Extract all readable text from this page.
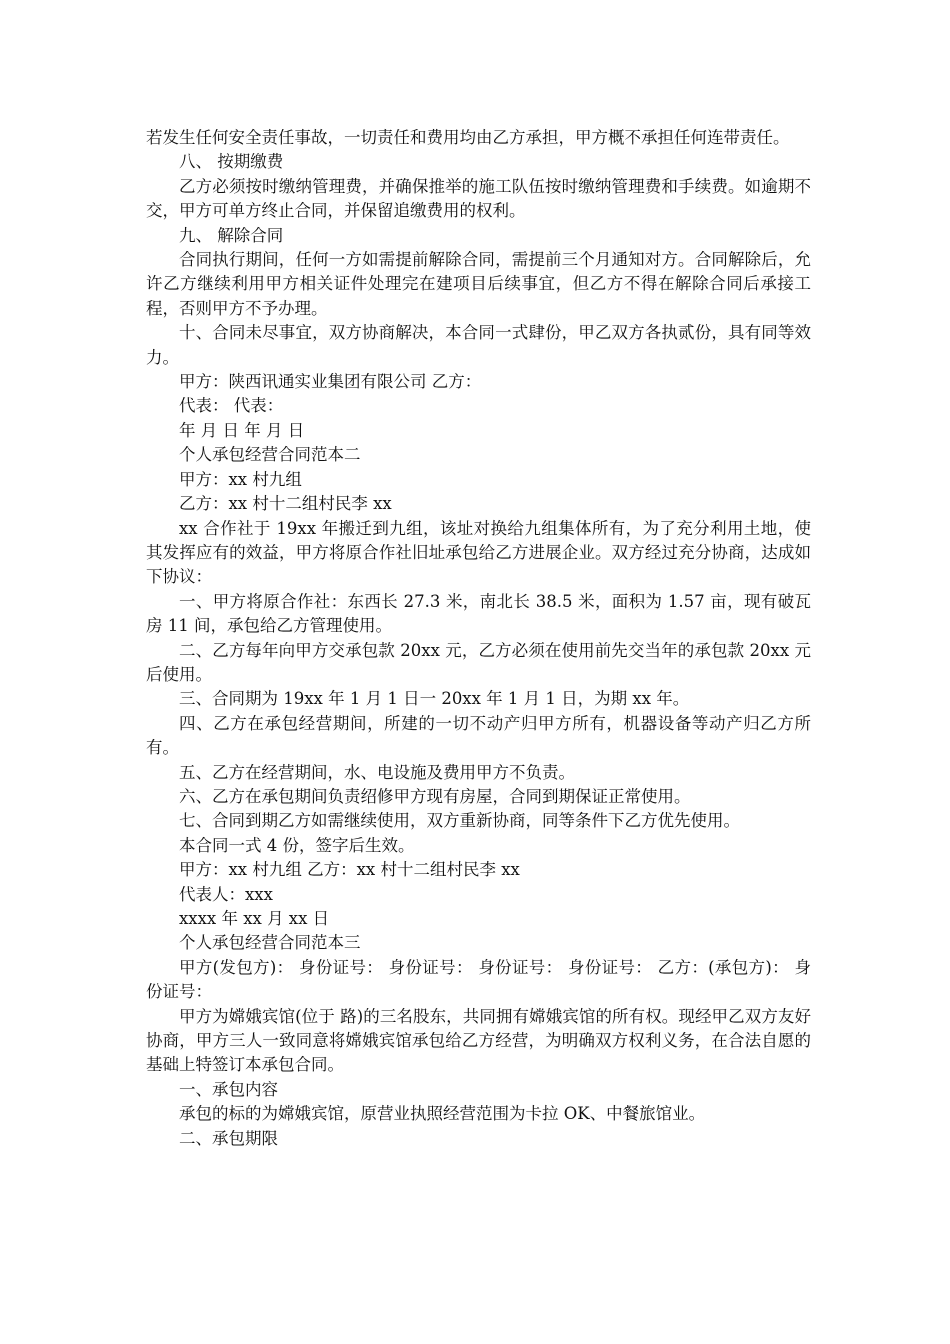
若发生任何安全责任事故，一切责任和费用均由乙方承担，甲方概不承担任何连带责任。

八、 按期缴费

乙方必须按时缴纳管理费，并确保推举的施工队伍按时缴纳管理费和手续费。如逾期不交，甲方可单方终止合同，并保留追缴费用的权利。

九、 解除合同

合同执行期间，任何一方如需提前解除合同，需提前三个月通知对方。合同解除后，允许乙方继续利用甲方相关证件处理完在建项目后续事宜，但乙方不得在解除合同后承接工程，否则甲方不予办理。

十、合同未尽事宜，双方协商解决，本合同一式肆份，甲乙双方各执贰份，具有同等效力。

甲方：陕西讯通实业集团有限公司 乙方：

代表： 代表：

年 月 日 年 月 日

个人承包经营合同范本二

甲方：xx 村九组

乙方：xx 村十二组村民李 xx

xx 合作社于 19xx 年搬迁到九组，该址对换给九组集体所有，为了充分利用土地，使其发挥应有的效益，甲方将原合作社旧址承包给乙方进展企业。双方经过充分协商，达成如下协议：

一、甲方将原合作社：东西长 27.3 米，南北长 38.5 米，面积为 1.57 亩，现有破瓦房 11 间，承包给乙方管理使用。

二、乙方每年向甲方交承包款 20xx 元，乙方必须在使用前先交当年的承包款 20xx 元后使用。

三、合同期为 19xx 年 1 月 1 日一 20xx 年 1 月 1 日，为期 xx 年。

四、乙方在承包经营期间，所建的一切不动产归甲方所有，机器设备等动产归乙方所有。

五、乙方在经营期间，水、电设施及费用甲方不负责。

六、乙方在承包期间负责绍修甲方现有房屋，合同到期保证正常使用。

七、合同到期乙方如需继续使用，双方重新协商，同等条件下乙方优先使用。

本合同一式 4 份，签字后生效。

甲方：xx 村九组 乙方：xx 村十二组村民李 xx

代表人：xxx

xxxx 年 xx 月 xx 日

个人承包经营合同范本三

甲方(发包方)： 身份证号： 身份证号： 身份证号： 身份证号： 乙方：(承包方)： 身份证号：

甲方为嫦娥宾馆(位于 路)的三名股东，共同拥有嫦娥宾馆的所有权。现经甲乙双方友好协商，甲方三人一致同意将嫦娥宾馆承包给乙方经营，为明确双方权利义务，在合法自愿的基础上特签订本承包合同。

一、承包内容

承包的标的为嫦娥宾馆，原营业执照经营范围为卡拉 OK、中餐旅馆业。

二、承包期限
